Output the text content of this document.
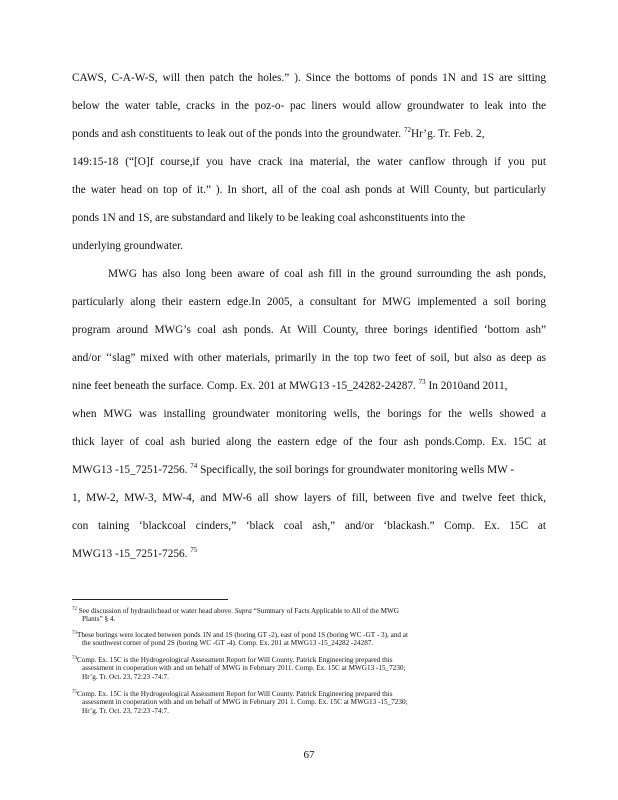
CAWS, C-A-W-S, will then patch the holes.” ). Since the bottoms of ponds 1N and 1S are sitting
below the water table, cracks in the poz-o- pac liners would allow groundwater to leak into the
ponds and ash constituents to leak out of the ponds into the groundwater. $^{72}$Hr’g. Tr. Feb. 2,
149:15-18 (“[O]f course,if you have crack ina material, the water canflow through if you put
the water head on top of it.” ). In short, all of the coal ash ponds at Will County, but particularly
ponds 1N and 1S, are substandard and likely to be leaking coal ashconstituents into the
underlying groundwater.
MWG has also long been aware of coal ash fill in the ground surrounding the ash ponds,
particularly along their eastern edge.In 2005, a consultant for MWG implemented a soil boring
program around MWG’s coal ash ponds. At Will County, three borings identified ‘bottom ash”
and/or ‘‘slag” mixed with other materials, primarily in the top two feet of soil, but also as deep as
nine feet beneath the surface. Comp. Ex. 201 at MWG13 -15_24282-24287. $^{73}$ In 2010and 2011,
when MWG was installing groundwater monitoring wells, the borings for the wells showed a
thick layer of coal ash buried along the eastern edge of the four ash ponds.Comp. Ex. 15C at
MWG13 -15_7251-7256. $^{74}$ Specifically, the soil borings for groundwater monitoring wells MW -
1, MW-2, MW-3, MW-4, and MW-6 all show layers of fill, between five and twelve feet thick,
con taining ‘blackcoal cinders,” ‘black coal ash,” and/or ‘blackash.” Comp. Ex. 15C at
MWG13 -15_7251-7256. $^{75}$
$^{72}$ See discussion of hydraulichead or water head above. Supra “Summary of Facts Applicable to All of the MWG
Plants” § 4.
$^{73}$These borings were located between ponds 1N and 1S (boring GT -2), east of pond 1S (boring WC -GT - 3), and at
the southwest corner of pond 2S (boring WC -GT -4). Comp. Ex. 201 at MWG13 -15_24282 -24287.
$^{74}$Comp. Ex. 15C is the Hydrogeological Assessment Report for Will County. Patrick Engineering prepared this
assessment in cooperation with and on behalf of MWG in February 2011. Comp. Ex. 15C at MWG13 -15_7230;
Hr’g. Tr. Oct. 23, 72:23 -74:7.
$^{75}$Comp. Ex. 15C is the Hydrogeological Assessment Report for Will County. Patrick Engineering prepared this
assessment in cooperation with and on behalf of MWG in February 201 1. Comp. Ex. 15C at MWG13 -15_7230;
Hr’g. Tr. Oct. 23, 72:23 -74:7.
67
